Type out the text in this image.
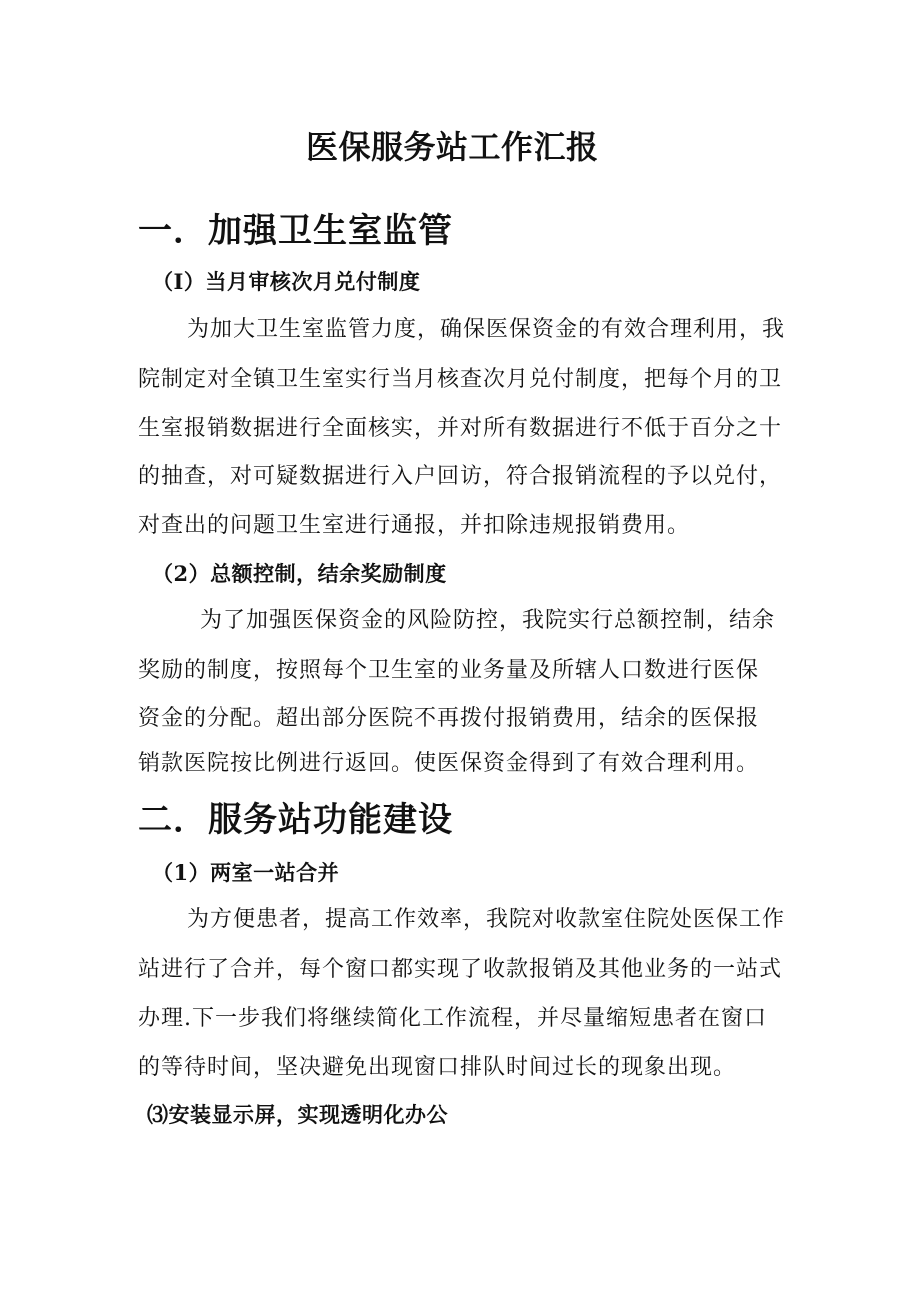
医保服务站工作汇报
一．加强卫生室监管
（I）当月审核次月兑付制度

为加大卫生室监管力度，确保医保资金的有效合理利用，我

院制定对全镇卫生室实行当月核查次月兑付制度，把每个月的卫

生室报销数据进行全面核实，并对所有数据进行不低于百分之十

的抽查，对可疑数据进行入户回访，符合报销流程的予以兑付，

对查出的问题卫生室进行通报，并扣除违规报销费用。

（2）总额控制，结余奖励制度

为了加强医保资金的风险防控，我院实行总额控制，结余

奖励的制度，按照每个卫生室的业务量及所辖人口数进行医保

资金的分配。超出部分医院不再拨付报销费用，结余的医保报

销款医院按比例进行返回。使医保资金得到了有效合理利用。

二．服务站功能建设
（1）两室一站合并

为方便患者，提高工作效率，我院对收款室住院处医保工作

站进行了合并，每个窗口都实现了收款报销及其他业务的一站式

办理.下一步我们将继续简化工作流程，并尽量缩短患者在窗口

的等待时间，坚决避免出现窗口排队时间过长的现象出现。

⑶安装显示屏，实现透明化办公
